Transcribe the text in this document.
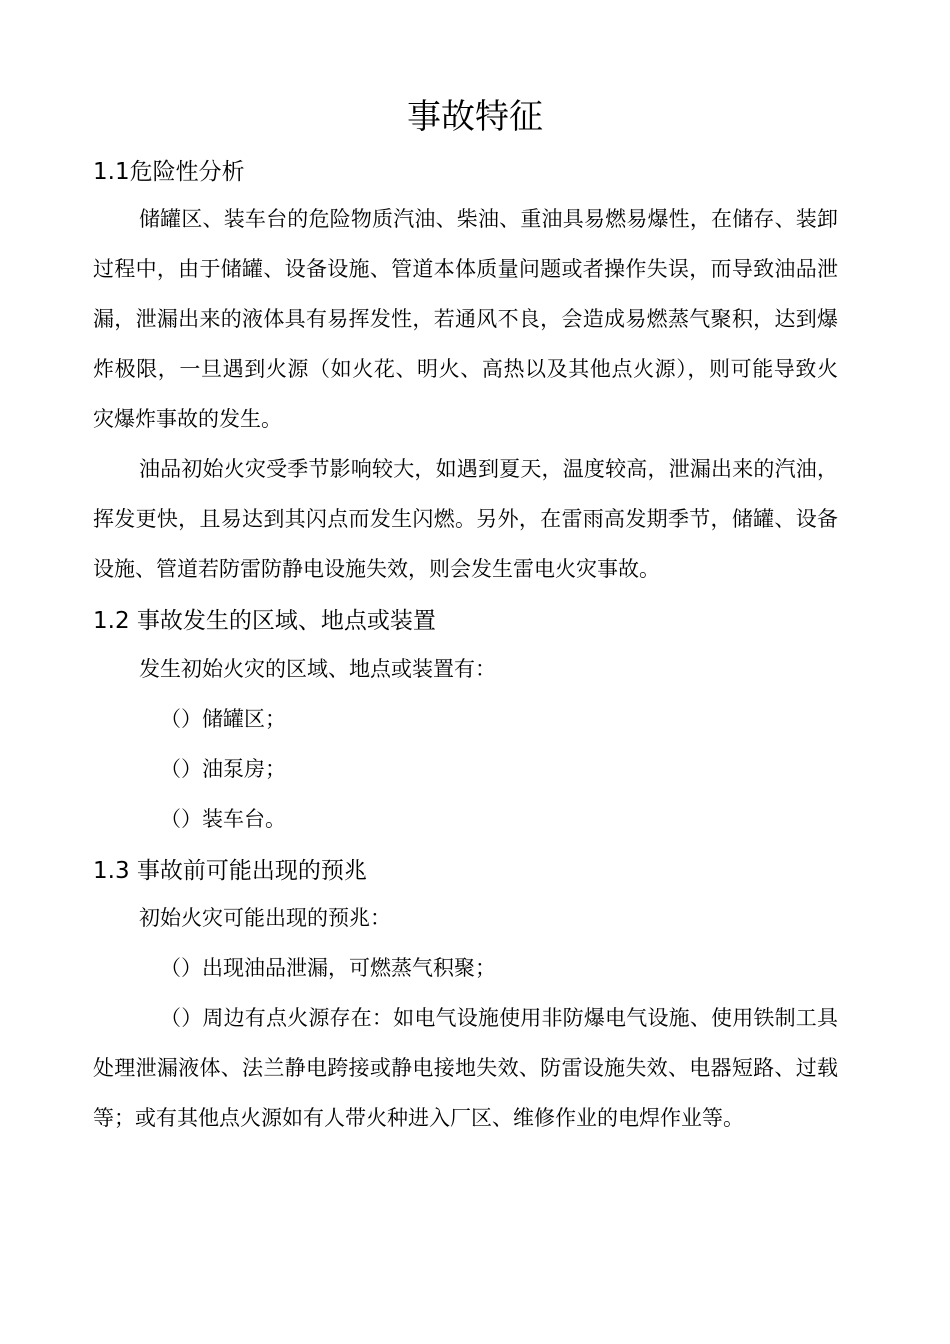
事故特征
1.1危险性分析

储罐区、装车台的危险物质汽油、柴油、重油具易燃易爆性，在储存、装卸过程中，由于储罐、设备设施、管道本体质量问题或者操作失误，而导致油品泄漏，泄漏出来的液体具有易挥发性，若通风不良，会造成易燃蒸气聚积，达到爆炸极限，一旦遇到火源（如火花、明火、高热以及其他点火源），则可能导致火灾爆炸事故的发生。

油品初始火灾受季节影响较大，如遇到夏天，温度较高，泄漏出来的汽油，挥发更快，且易达到其闪点而发生闪燃。另外，在雷雨高发期季节，储罐、设备设施、管道若防雷防静电设施失效，则会发生雷电火灾事故。

1.2 事故发生的区域、地点或装置

发生初始火灾的区域、地点或装置有：

（）储罐区；

（）油泵房；

（）装车台。

1.3 事故前可能出现的预兆

初始火灾可能出现的预兆：

（）出现油品泄漏，可燃蒸气积聚；

（）周边有点火源存在：如电气设施使用非防爆电气设施、使用铁制工具处理泄漏液体、法兰静电跨接或静电接地失效、防雷设施失效、电器短路、过载等；或有其他点火源如有人带火种进入厂区、维修作业的电焊作业等。
